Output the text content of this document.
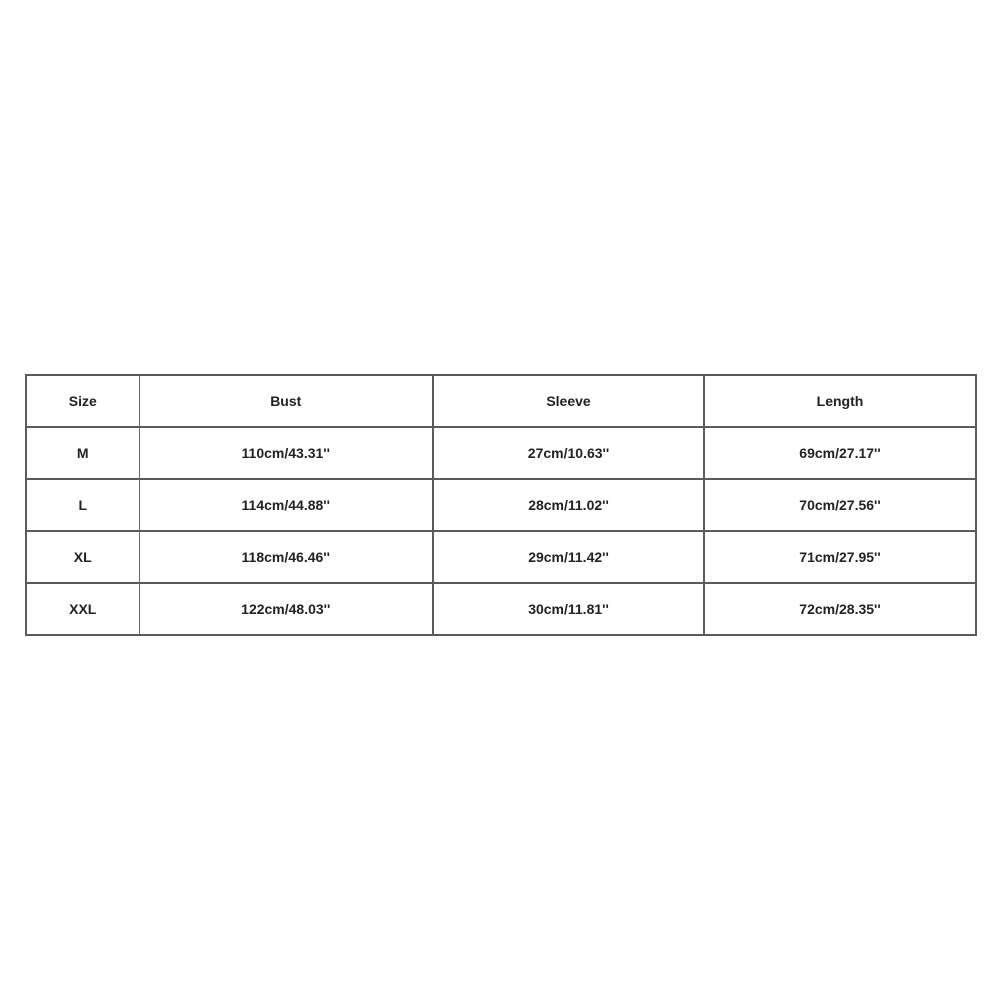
Size	Bust	Sleeve	Length
M	110cm/43.31''	27cm/10.63''	69cm/27.17''
L	114cm/44.88''	28cm/11.02''	70cm/27.56''
XL	118cm/46.46''	29cm/11.42''	71cm/27.95''
XXL	122cm/48.03''	30cm/11.81''	72cm/28.35''
